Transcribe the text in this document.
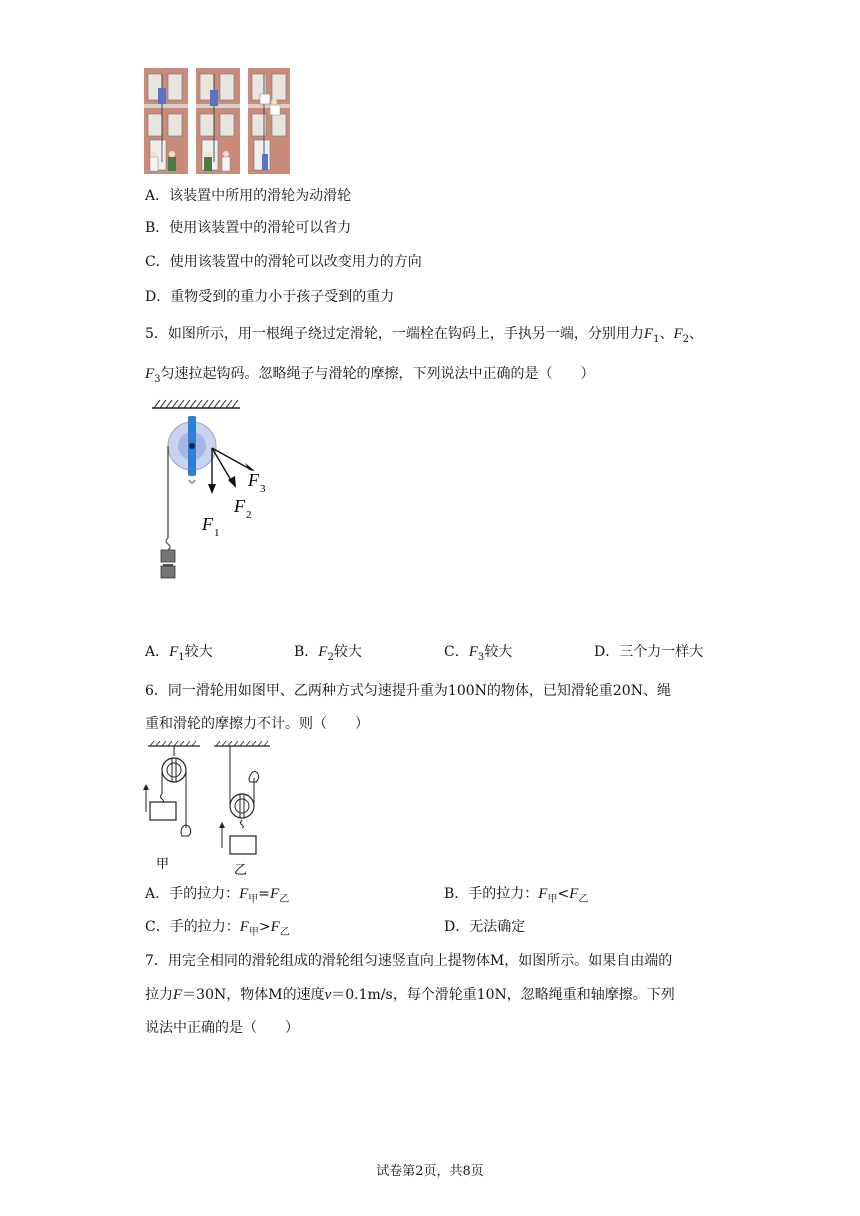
A．该装置中所用的滑轮为动滑轮
B．使用该装置中的滑轮可以省力
C．使用该装置中的滑轮可以改变用力的方向
D．重物受到的重力小于孩子受到的重力
5．如图所示，用一根绳子绕过定滑轮，一端栓在钩码上，手执另一端，分别用力$F_1$、$F_2$、
$F_3$匀速拉起钩码。忽略绳子与滑轮的摩擦，下列说法中正确的是（　　）
F 1
F 2
F 3
A．$F_1$较大	B．$F_2$较大	C．$F_3$较大	D．三个力一样大
6．同一滑轮用如图甲、乙两种方式匀速提升重为100N的物体，已知滑轮重20N、绳
重和滑轮的摩擦力不计。则（　　）
甲	乙
A．手的拉力：$F_甲=F_乙$	B．手的拉力：$F_甲<F_乙$
C．手的拉力：$F_甲>F_乙$	D．无法确定
7．用完全相同的滑轮组成的滑轮组匀速竖直向上提物体M，如图所示。如果自由端的
拉力F＝30N，物体M的速度v＝0.1m/s，每个滑轮重10N，忽略绳重和轴摩擦。下列
说法中正确的是（　　）
试卷第2页，共8页
